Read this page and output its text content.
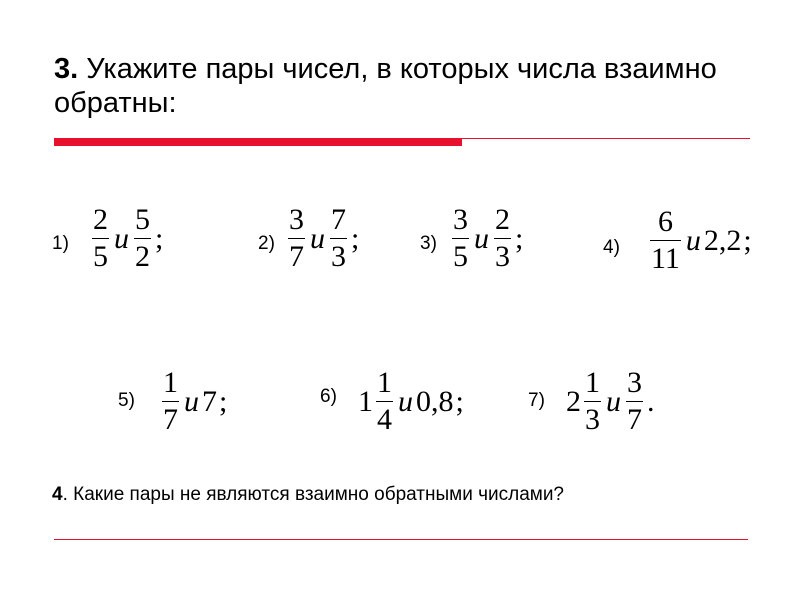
3. Укажите пары чисел, в которых числа взаимно обратны:
$1) \frac{2}{5}$ и $\frac{5}{2}$ ;	$2) \frac{3}{7}$ и $\frac{7}{3}$ ;	$3) \frac{3}{5}$ и $\frac{2}{3}$ ;	$4) \frac{6}{11}$ и 2,2 ;
$5) \frac{1}{7}$ и 7 ;	6) $1 \frac{1}{4}$ и 0,8 ;	7) $2 \frac{1}{3}$ и $\frac{3}{7}$ .
4. Какие пары не являются взаимно обратными числами?
